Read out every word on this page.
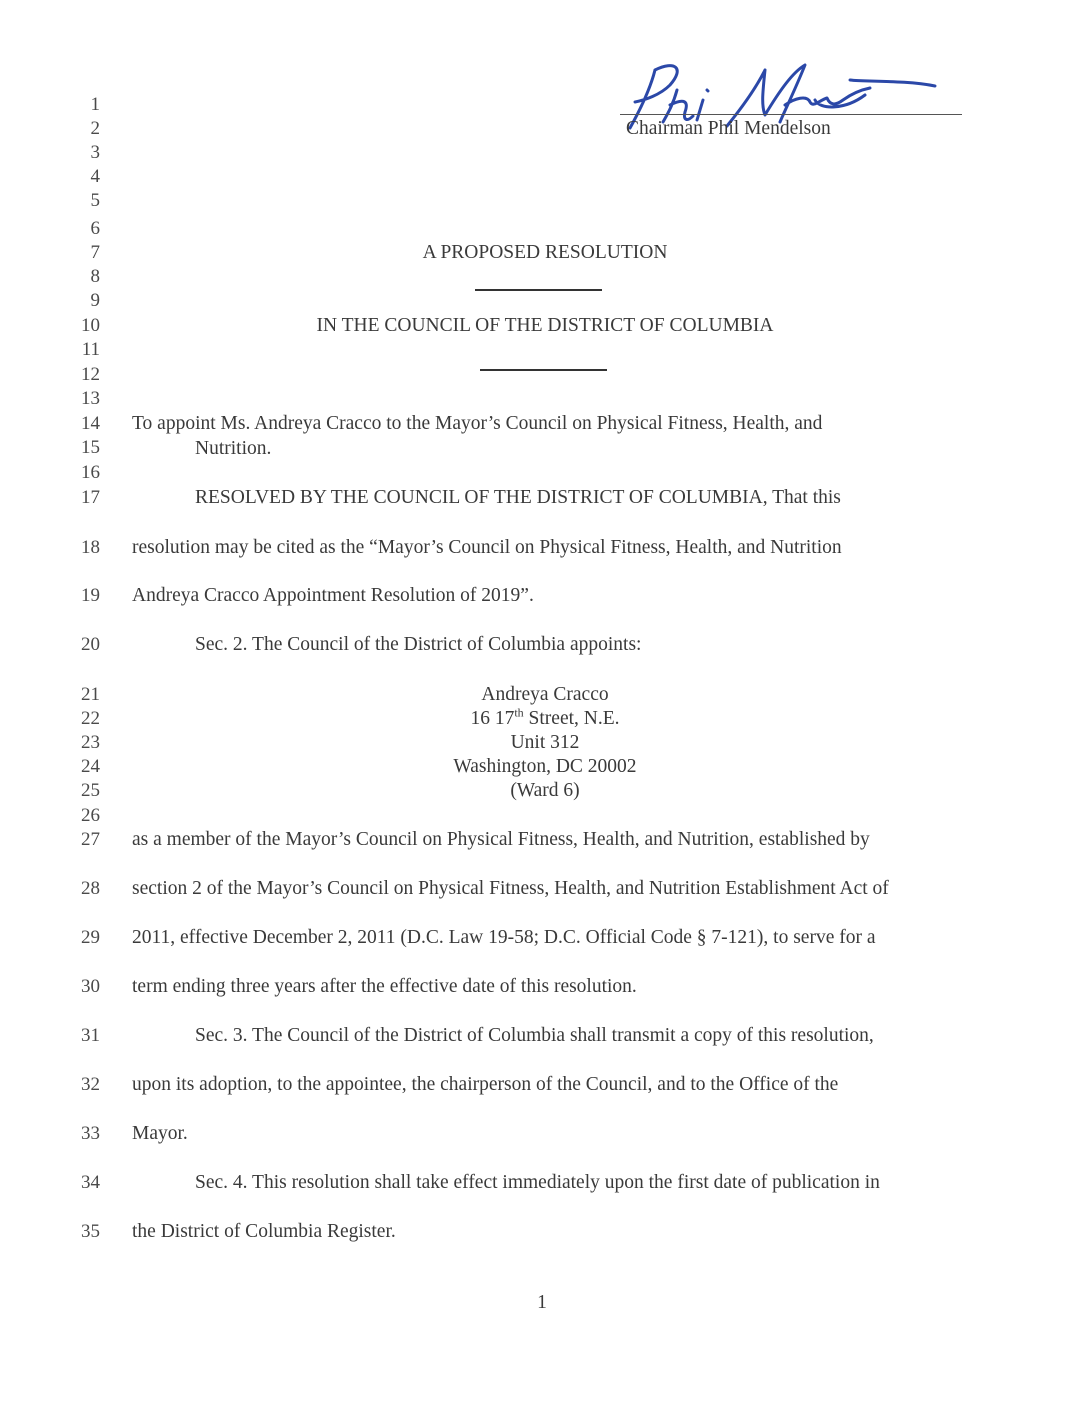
Chairman Phil Mendelson
1
2
3
4
5
6
7
8
9
10
11
12
13
14
15
16
17
18
19
20
21
22
23
24
25
26
27
28
29
30
31
32
33
34
35
A PROPOSED RESOLUTION
IN THE COUNCIL OF THE DISTRICT OF COLUMBIA
To appoint Ms. Andreya Cracco to the Mayor’s Council on Physical Fitness, Health, and
Nutrition.
RESOLVED BY THE COUNCIL OF THE DISTRICT OF COLUMBIA, That this
resolution may be cited as the “Mayor’s Council on Physical Fitness, Health, and Nutrition
Andreya Cracco Appointment Resolution of 2019”.
Sec. 2. The Council of the District of Columbia appoints:
Andreya Cracco
16 17th Street, N.E.
Unit 312
Washington, DC 20002
(Ward 6)
as a member of the Mayor’s Council on Physical Fitness, Health, and Nutrition, established by
section 2 of the Mayor’s Council on Physical Fitness, Health, and Nutrition Establishment Act of
2011, effective December 2, 2011 (D.C. Law 19-58; D.C. Official Code § 7-121), to serve for a
term ending three years after the effective date of this resolution.
Sec. 3. The Council of the District of Columbia shall transmit a copy of this resolution,
upon its adoption, to the appointee, the chairperson of the Council, and to the Office of the
Mayor.
Sec. 4. This resolution shall take effect immediately upon the first date of publication in
the District of Columbia Register.
1
